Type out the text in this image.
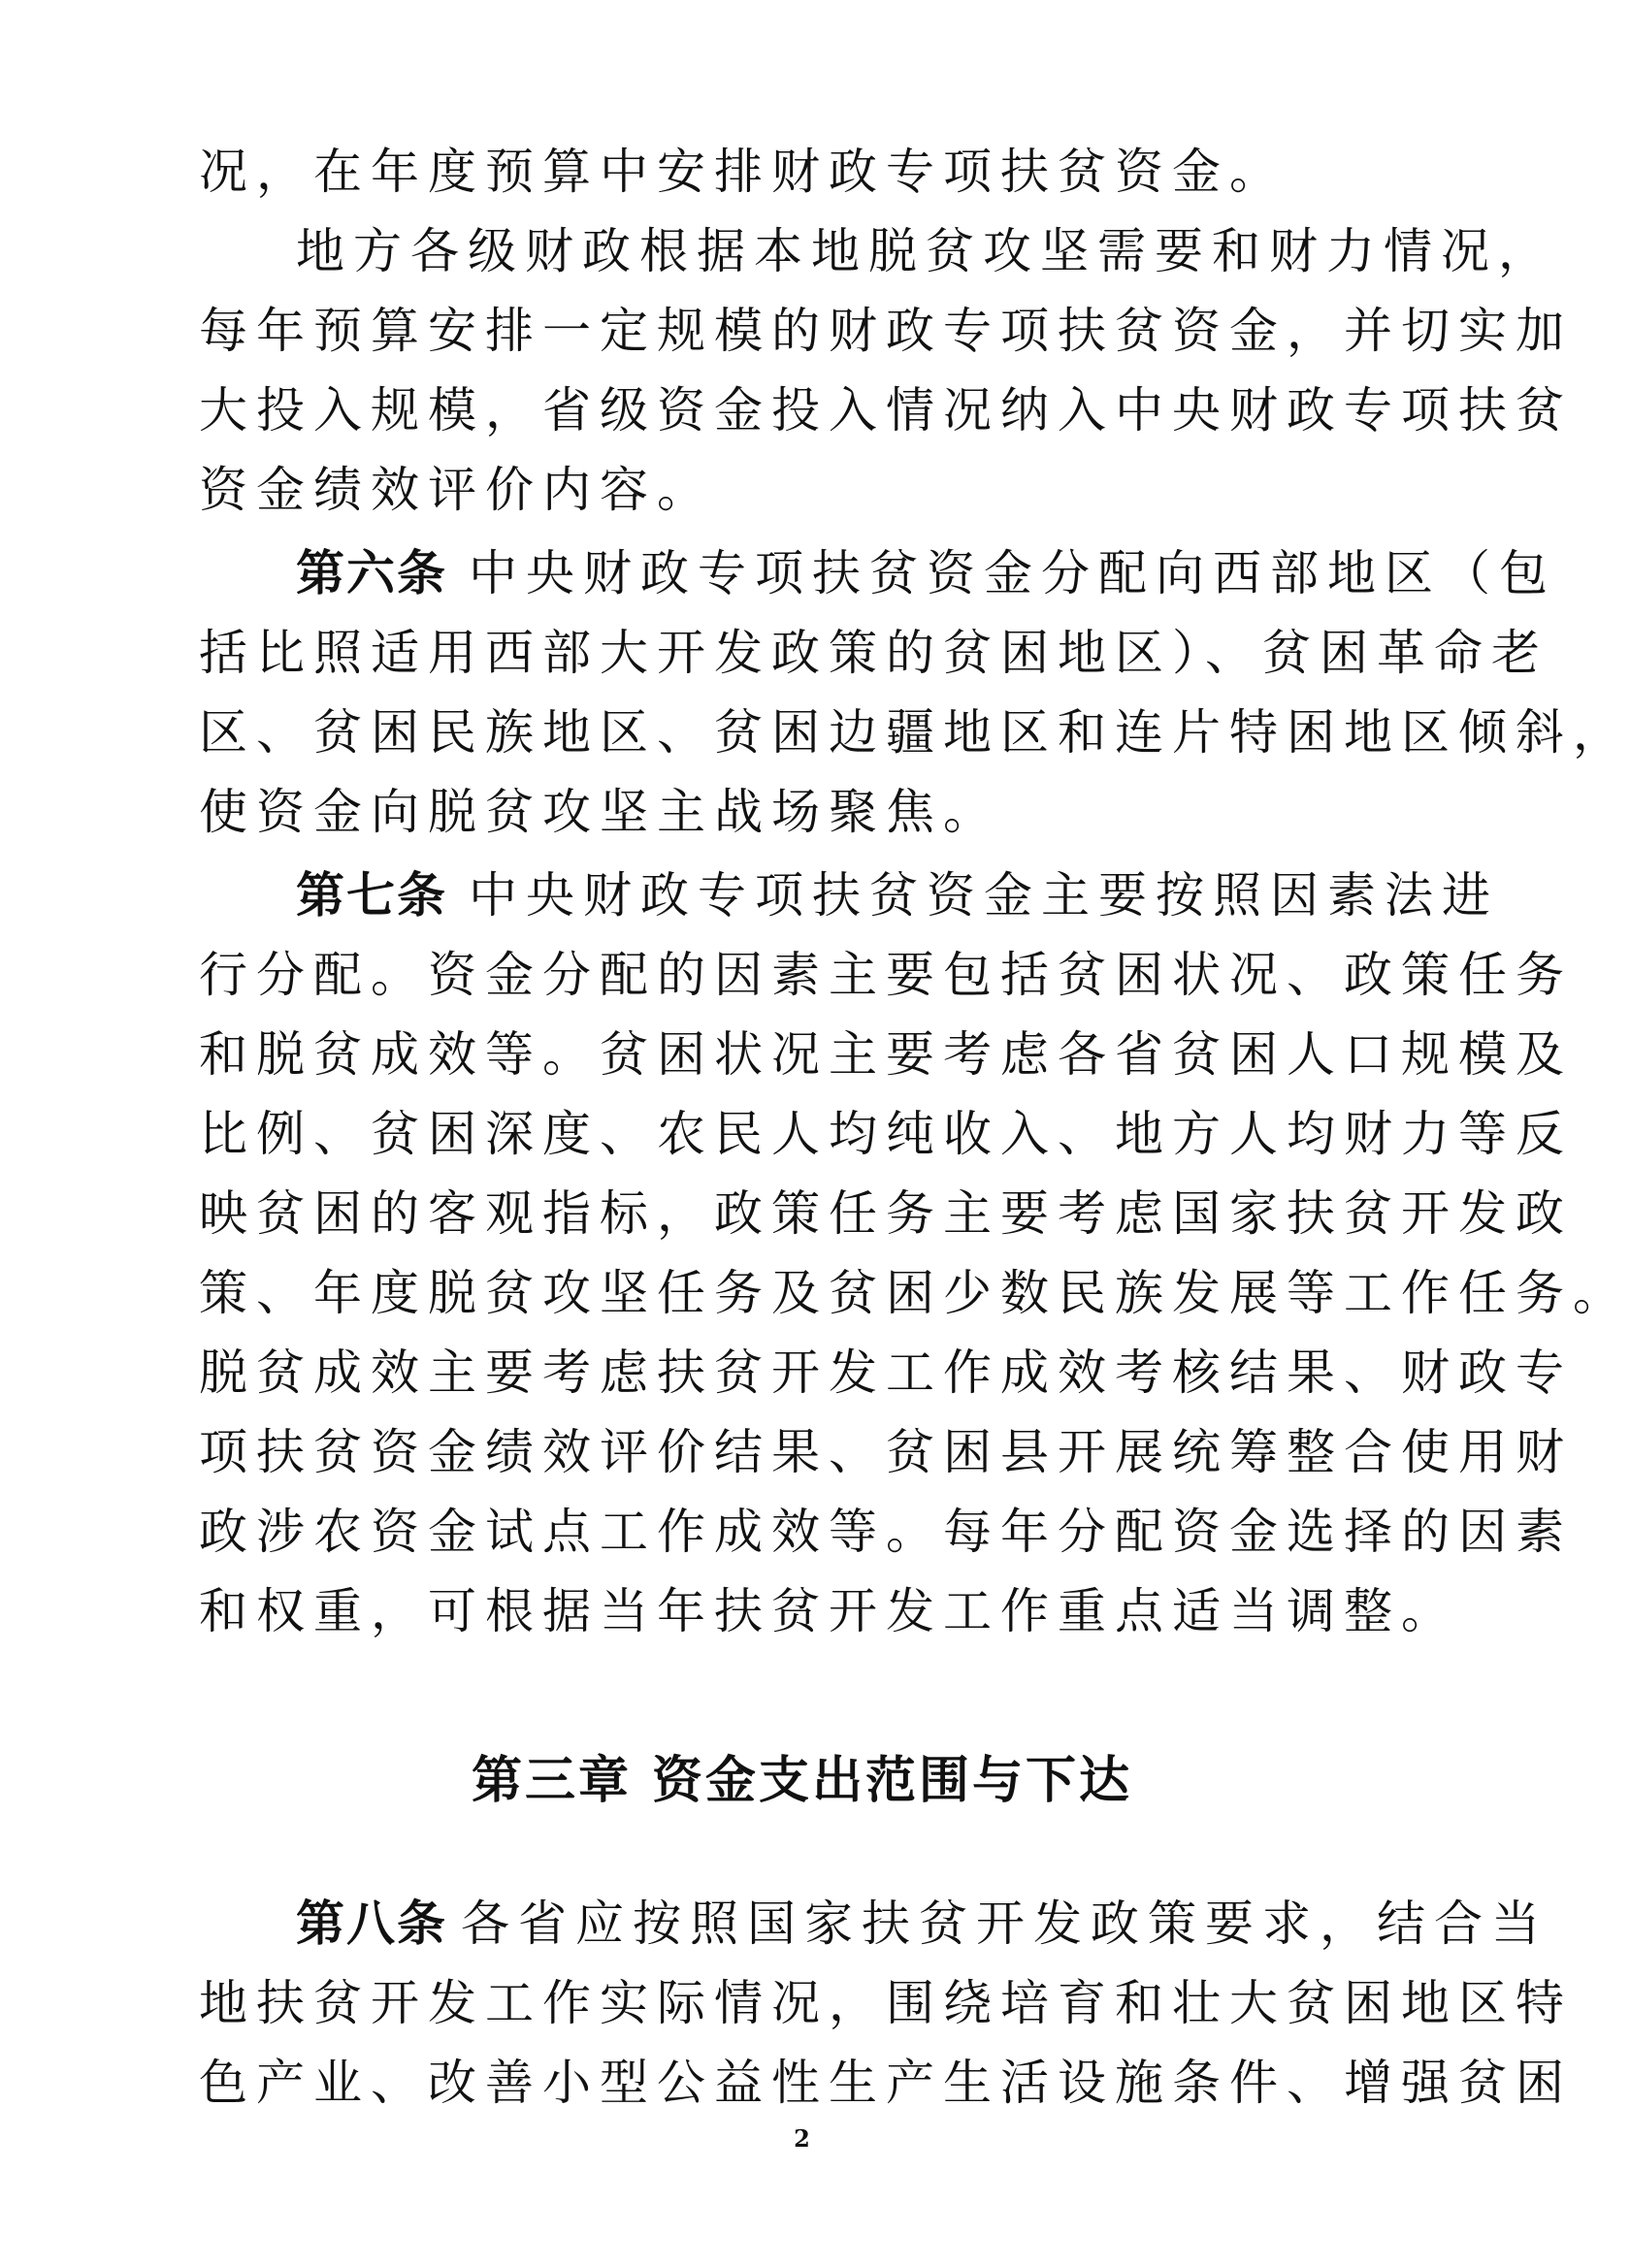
况，在年度预算中安排财政专项扶贫资金。
地方各级财政根据本地脱贫攻坚需要和财力情况，
每年预算安排一定规模的财政专项扶贫资金，并切实加
大投入规模，省级资金投入情况纳入中央财政专项扶贫
资金绩效评价内容。
第六条 中央财政专项扶贫资金分配向西部地区（包
括比照适用西部大开发政策的贫困地区）、贫困革命老
区、贫困民族地区、贫困边疆地区和连片特困地区倾斜，
使资金向脱贫攻坚主战场聚焦。
第七条 中央财政专项扶贫资金主要按照因素法进
行分配。资金分配的因素主要包括贫困状况、政策任务
和脱贫成效等。贫困状况主要考虑各省贫困人口规模及
比例、贫困深度、农民人均纯收入、地方人均财力等反
映贫困的客观指标，政策任务主要考虑国家扶贫开发政
策、年度脱贫攻坚任务及贫困少数民族发展等工作任务。
脱贫成效主要考虑扶贫开发工作成效考核结果、财政专
项扶贫资金绩效评价结果、贫困县开展统筹整合使用财
政涉农资金试点工作成效等。每年分配资金选择的因素
和权重，可根据当年扶贫开发工作重点适当调整。
第三章 资金支出范围与下达
第八条 各省应按照国家扶贫开发政策要求，结合当
地扶贫开发工作实际情况，围绕培育和壮大贫困地区特
色产业、改善小型公益性生产生活设施条件、增强贫困
2
